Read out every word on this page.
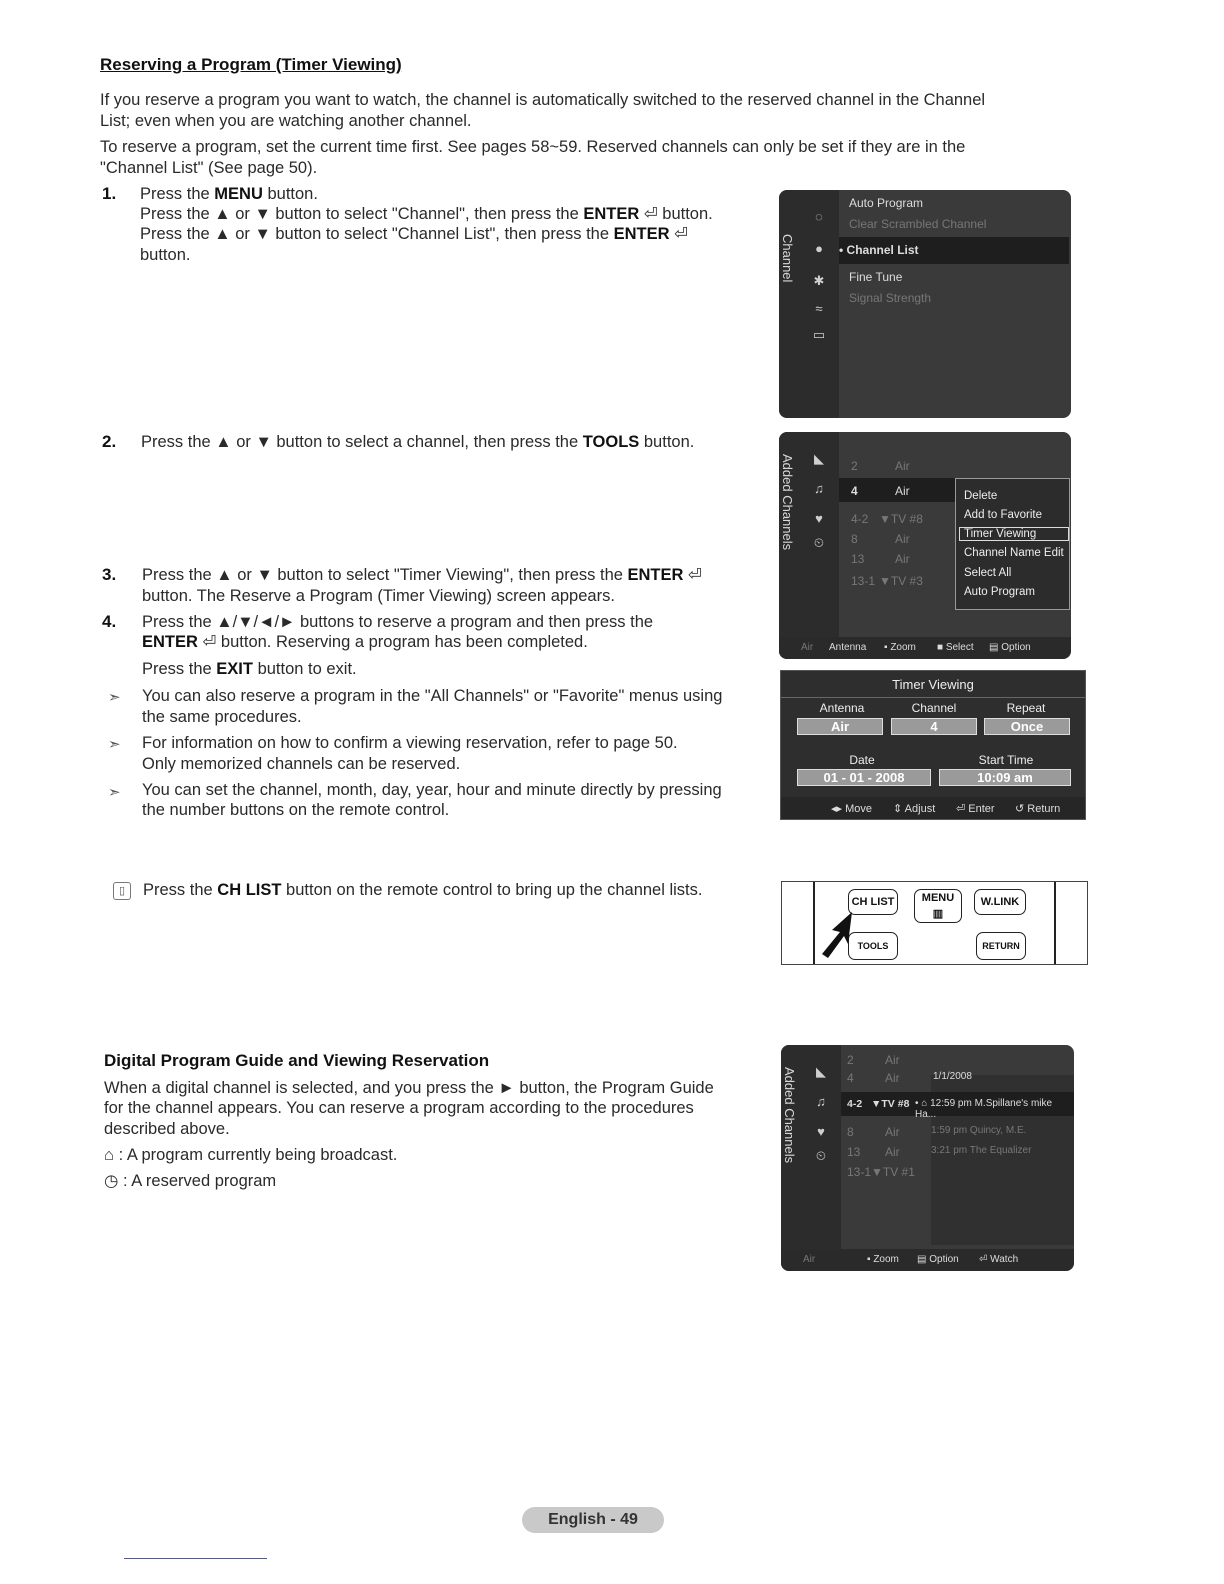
Reserving a Program (Timer Viewing)
If you reserve a program you want to watch, the channel is automatically switched to the reserved channel in the Channel
List; even when you are watching another channel.
To reserve a program, set the current time first. See pages 58~59. Reserved channels can only be set if they are in the
"Channel List" (See page 50).
1. Press the MENU button.
Press the ▲ or ▼ button to select "Channel", then press the ENTER ⏎ button.
Press the ▲ or ▼ button to select "Channel List", then press the ENTER ⏎
button.
2. Press the ▲ or ▼ button to select a channel, then press the TOOLS button.
3. Press the ▲ or ▼ button to select "Timer Viewing", then press the ENTER ⏎
button. The Reserve a Program (Timer Viewing) screen appears.
4. Press the ▲/▼/◄/► buttons to reserve a program and then press the
ENTER ⏎ button. Reserving a program has been completed.
Press the EXIT button to exit.
➣ You can also reserve a program in the "All Channels" or "Favorite" menus using
the same procedures.
➣ For information on how to confirm a viewing reservation, refer to page 50.
Only memorized channels can be reserved.
➣ You can set the channel, month, day, year, hour and minute directly by pressing
the number buttons on the remote control.
▯	Press the CH LIST button on the remote control to bring up the channel lists.
Channel
◌
●
✱
≈
▭
Auto Program
Clear Scrambled Channel
• Channel List
Fine Tune
Signal Strength
Added Channels ◣
♫
♥
⏲
2	Air
4	Air
4-2 ▼TV #8
8	Air
13	Air
13-1 ▼TV #3
Delete
Add to Favorite
Timer Viewing
Channel Name Edit
Select All
Auto Program
Air Antenna ▪ Zoom ■ Select ▤ Option
Timer Viewing
Antenna	Channel	Repeat
Air	4	Once
Date	Start Time
01 - 01 - 2008	10:09 am
◂▸ Move ⇕ Adjust ⏎ Enter ↺ Return
CH LIST	MENU
▥
W.LINK
TOOLS	RETURN
Digital Program Guide and Viewing Reservation
When a digital channel is selected, and you press the ► button, the Program Guide
for the channel appears. You can reserve a program according to the procedures
described above.
⌂ : A program currently being broadcast.
◷ : A reserved program
Added Channels ◣
♫
♥
⏲
1/1/2008
2	Air
4	Air
4-2 ▼TV #8 • ⌂ 12:59 pm M.Spillane's mike Ha...
8	Air	1:59 pm Quincy, M.E.
13 Air	3:21 pm The Equalizer
13-1 ▼TV #1
Air	▪ Zoom ▤ Option ⏎ Watch
English - 49
